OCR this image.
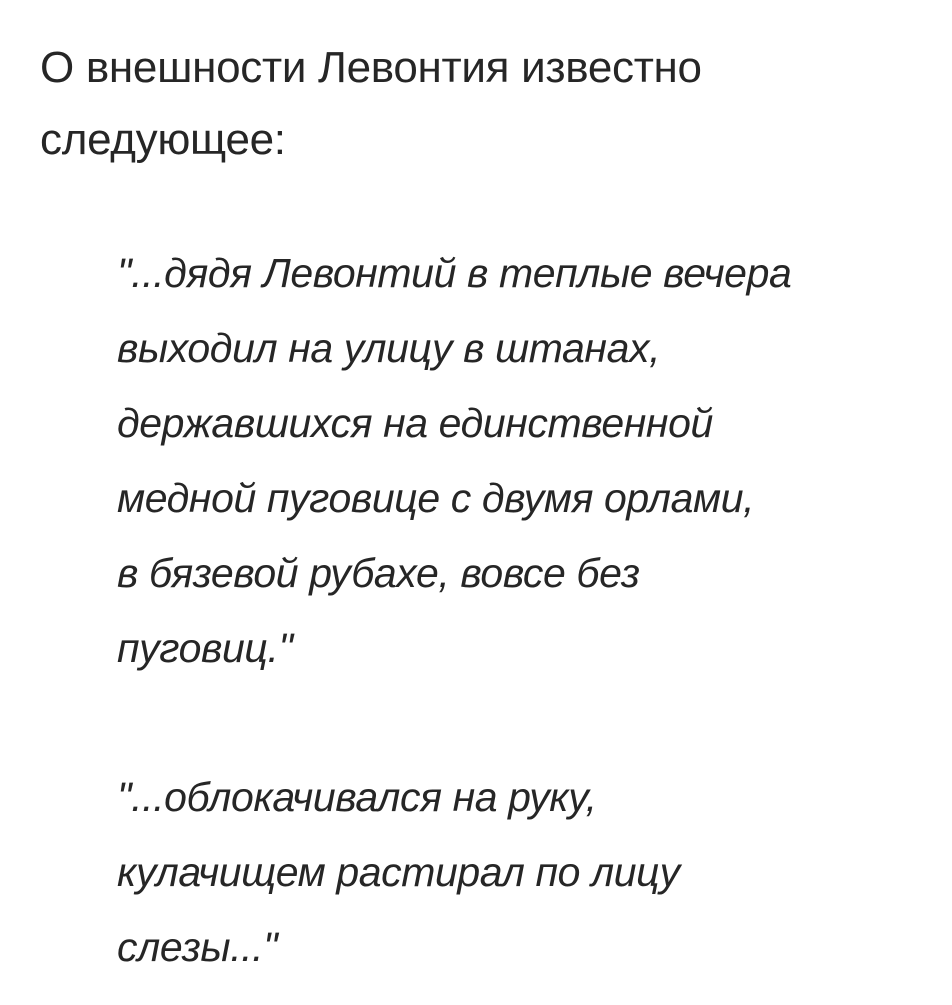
О внешности Левонтия известно
следующее:

"...дядя Левонтий в теплые вечера
выходил на улицу в штанах,
державшихся на единственной
медной пуговице с двумя орлами,
в бязевой рубахе, вовсе без
пуговиц."
"...облокачивался на руку,
кулачищем растирал по лицу
слезы..."
